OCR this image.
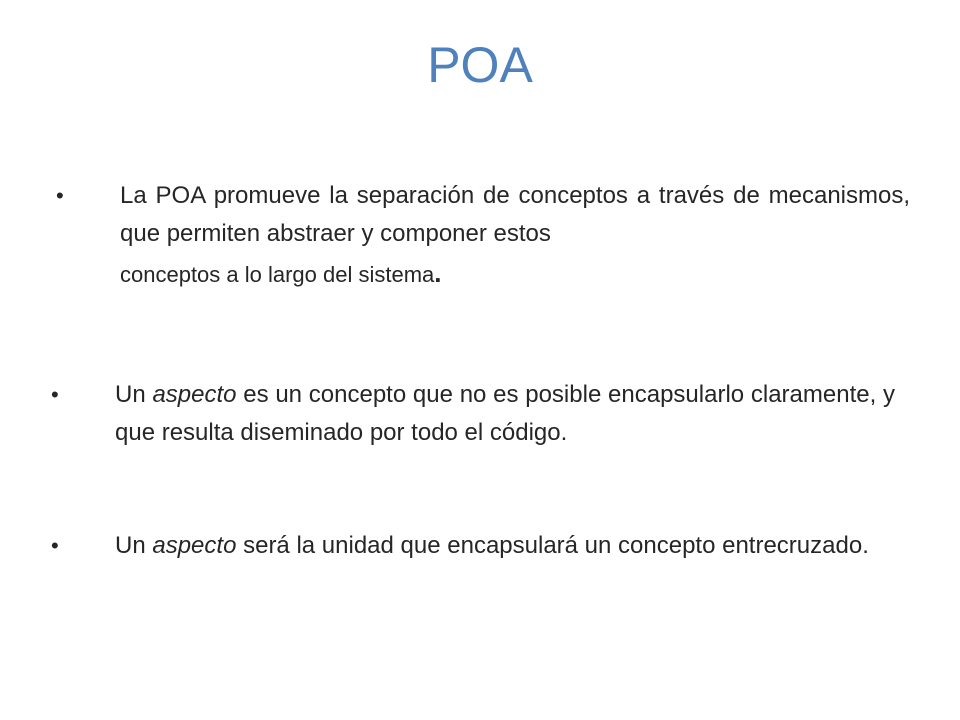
POA
• La POA promueve la separación de conceptos a través de mecanismos, que permiten abstraer y componer estos
conceptos a lo largo del sistema.
• Un aspecto es un concepto que no es posible encapsularlo claramente, y que resulta diseminado por todo el código.
• Un aspecto será la unidad que encapsulará un concepto entrecruzado.
